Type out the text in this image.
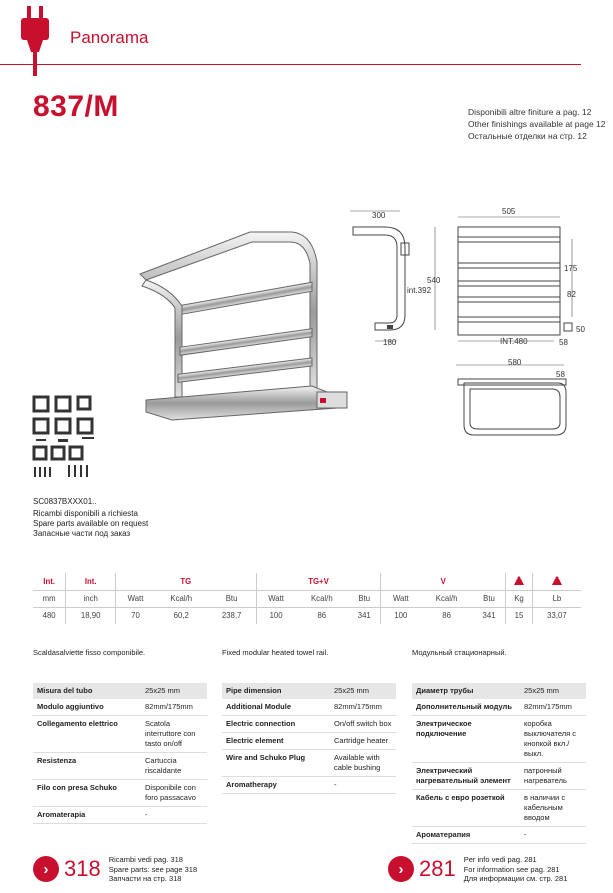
Panorama
837/M	Disponibili altre finiture a pag. 12
Other finishings available at page 12
Остальные отделки на стр. 12
300
540
int.392
180
505
175
82
INT.480	58
50
580
58
SC0837BXXX01..
Ricambi disponibili a richiesta
Spare parts available on request
Запасные части под заказ
Int.	Int.	TG			TG+V			V		
mm	inch	Watt	Kcal/h	Btu	Watt	Kcal/h	Btu	Watt	Kcal/h	Btu	Kg	Lb
480	18,90	70	60,2	238,7	100	86	341	100	86	341	15	33,07
Scaldasalviette fisso componibile.	Fixed modular heated towel rail.	Модульный стационарный.
Misura del tubo	25x25 mm
Modulo aggiuntivo	82mm/175mm
Collegamento elettrico	Scatola interruttore con tasto on/off
Resistenza	Cartuccia riscaldante
Filo con presa Schuko	Disponibile con foro passacavo
Aromaterapia	-
Pipe dimension	25x25 mm
Additional Module	82mm/175mm
Electric connection	On/off switch box
Electric element	Cartridge heater
Wire and Schuko Plug	Available with cable bushing
Aromatherapy	-
Диаметр трубы	25x25 mm
Дополнительный модуль	82mm/175mm
Электрическое подключение	коробка выключателя с кнопкой вкл./выкл.
Электрический нагревательный элемент	патронный нагреватель
Кабель с евро розеткой	в наличии с кабельным вводом
Ароматерапия	-
› 318 Ricambi vedi pag. 318
Spare parts: see page 318
Запчасти на стр. 318
› 281 Per info vedi pag. 281
For information see pag. 281
Для информации см. стр. 281
